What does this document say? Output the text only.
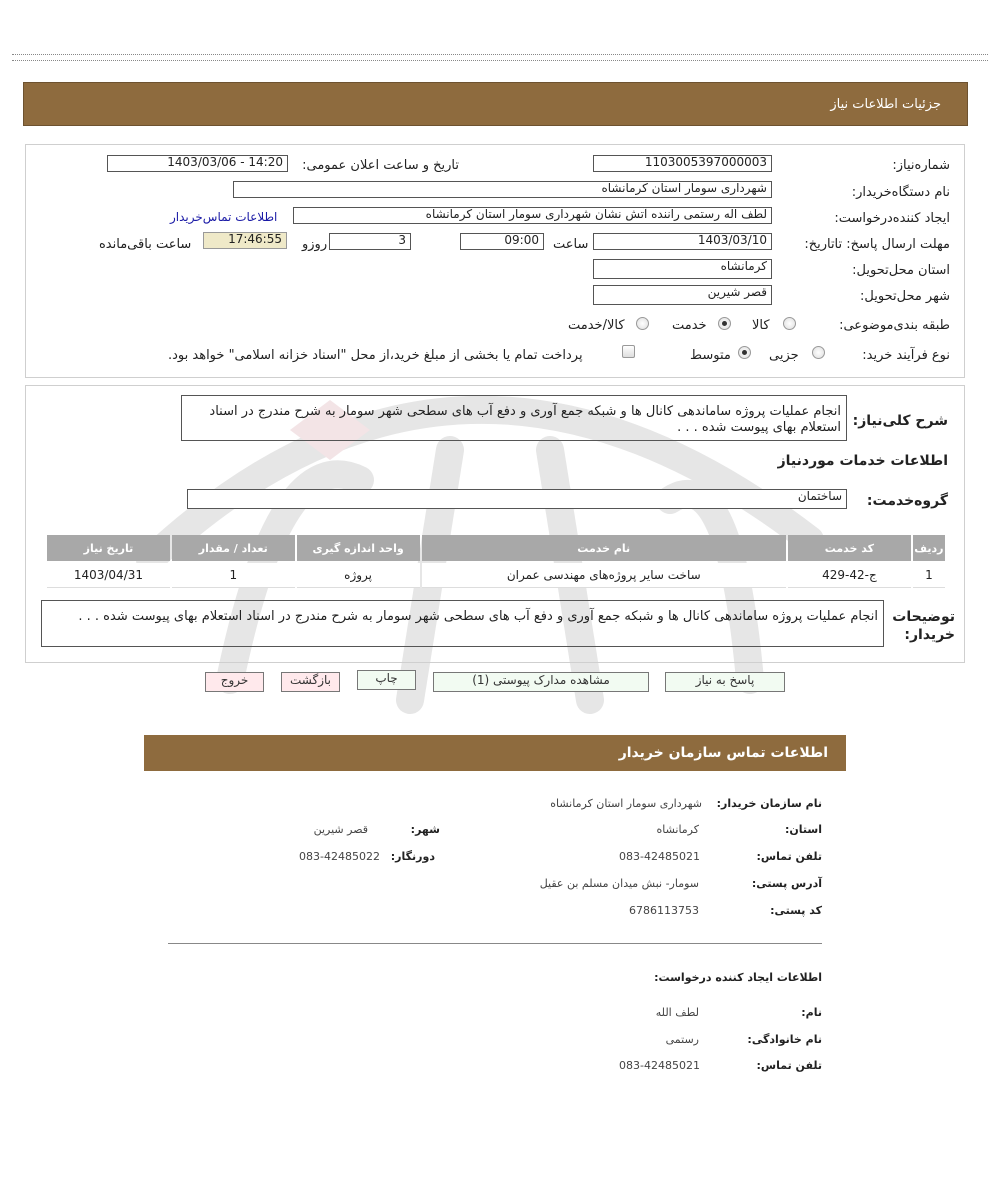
جزئیات اطلاعات نیاز
شماره‌نیاز:
1103005397000003
تاریخ و ساعت اعلان عمومی:
1403/03/06 - 14:20
نام دستگاه‌خریدار:
شهرداری سومار استان کرمانشاه
ایجاد کننده‌درخواست:
لطف اله رستمی راننده آتش نشان شهرداری سومار استان کرمانشاه
اطلاعات تماس‌خریدار
مهلت ارسال پاسخ: تاتاریخ:
1403/03/10
ساعت
09:00
3
روزو
17:46:55
ساعت باقی‌مانده
استان محل‌تحویل:
کرمانشاه
شهر محل‌تحویل:
قصر شیرین
طبقه بندی‌موضوعی:
کالا
خدمت
کالا/خدمت
نوع فرآیند خرید:
جزیی
متوسط
پرداخت تمام یا بخشی از مبلغ خرید،از محل "اسناد خزانه اسلامی" خواهد بود.
شرح کلی‌نیاز:
انجام عملیات پروژه ساماندهی کانال ها و شبکه جمع آوری و دفع آب های سطحی شهر سومار به شرح مندرج در اسناد استعلام بهای پیوست شده . . .
اطلاعات خدمات مورد‌نیاز
گروه‌خدمت:
ساختمان
ردیف	کد خدمت	نام خدمت	واحد اندازه گیری	تعداد / مقدار	تاریخ نیاز
1	ج-42-429	ساخت سایر پروژه‌های مهندسی عمران	پروژه	1	1403/04/31
توضیحات خریدار:
انجام عملیات پروژه ساماندهی کانال ها و شبکه جمع آوری و دفع آب های سطحی شهر سومار به شرح مندرج در اسناد استعلام بهای پیوست شده . . .
پاسخ به نیاز
مشاهده مدارک پیوستی (1)
چاپ
بازگشت
خروج
اطلاعات تماس سازمان خریدار
نام سازمان خریدار:
شهرداری سومار استان کرمانشاه
استان:
کرمانشاه
شهر:
قصر شیرین
تلفن تماس:
083-42485021
دورنگار:
083-42485022
آدرس پستی:
سومار- نبش میدان مسلم بن عقیل
کد پستی:
6786113753
اطلاعات ایجاد کننده درخواست:
نام:
لطف الله
نام خانوادگی:
رستمی
تلفن تماس:
083-42485021
